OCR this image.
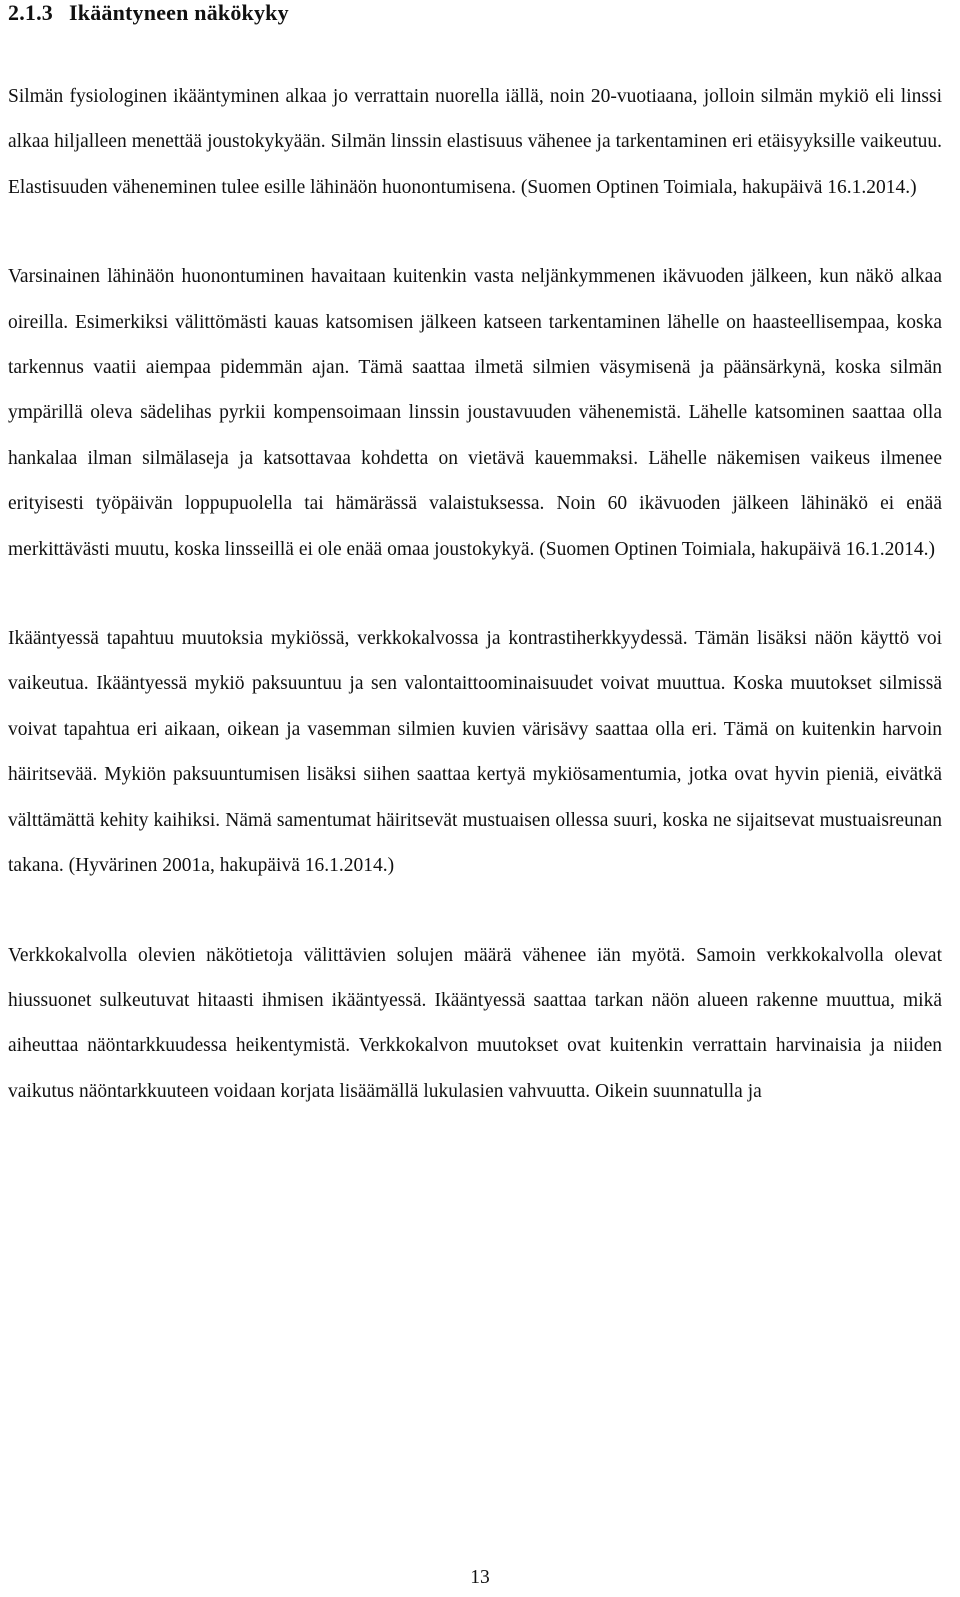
2.1.3 Ikääntyneen näkökyky

Silmän fysiologinen ikääntyminen alkaa jo verrattain nuorella iällä, noin 20-vuotiaana, jolloin silmän mykiö eli linssi alkaa hiljalleen menettää joustokykyään. Silmän linssin elastisuus vähenee ja tarkentaminen eri etäisyyksille vaikeutuu. Elastisuuden väheneminen tulee esille lähinäön huonontumisena. (Suomen Optinen Toimiala, hakupäivä 16.1.2014.)

Varsinainen lähinäön huonontuminen havaitaan kuitenkin vasta neljänkymmenen ikävuoden jälkeen, kun näkö alkaa oireilla. Esimerkiksi välittömästi kauas katsomisen jälkeen katseen tarkentaminen lähelle on haasteellisempaa, koska tarkennus vaatii aiempaa pidemmän ajan. Tämä saattaa ilmetä silmien väsymisenä ja päänsärkynä, koska silmän ympärillä oleva sädelihas pyrkii kompensoimaan linssin joustavuuden vähenemistä. Lähelle katsominen saattaa olla hankalaa ilman silmälaseja ja katsottavaa kohdetta on vietävä kauemmaksi. Lähelle näkemisen vaikeus ilmenee erityisesti työpäivän loppupuolella tai hämärässä valaistuksessa. Noin 60 ikävuoden jälkeen lähinäkö ei enää merkittävästi muutu, koska linsseillä ei ole enää omaa joustokykyä. (Suomen Optinen Toimiala, hakupäivä 16.1.2014.)

Ikääntyessä tapahtuu muutoksia mykiössä, verkkokalvossa ja kontrastiherkkyydessä. Tämän lisäksi näön käyttö voi vaikeutua. Ikääntyessä mykiö paksuuntuu ja sen valontaittoominaisuudet voivat muuttua. Koska muutokset silmissä voivat tapahtua eri aikaan, oikean ja vasemman silmien kuvien värisävy saattaa olla eri. Tämä on kuitenkin harvoin häiritsevää. Mykiön paksuuntumisen lisäksi siihen saattaa kertyä mykiösamentumia, jotka ovat hyvin pieniä, eivätkä välttämättä kehity kaihiksi. Nämä samentumat häiritsevät mustuaisen ollessa suuri, koska ne sijaitsevat mustuaisreunan takana. (Hyvärinen 2001a, hakupäivä 16.1.2014.)

Verkkokalvolla olevien näkötietoja välittävien solujen määrä vähenee iän myötä. Samoin verkkokalvolla olevat hiussuonet sulkeutuvat hitaasti ihmisen ikääntyessä. Ikääntyessä saattaa tarkan näön alueen rakenne muuttua, mikä aiheuttaa näöntarkkuudessa heikentymistä. Verkkokalvon muutokset ovat kuitenkin verrattain harvinaisia ja niiden vaikutus näöntarkkuuteen voidaan korjata lisäämällä lukulasien vahvuutta. Oikein suunnatulla ja

13
